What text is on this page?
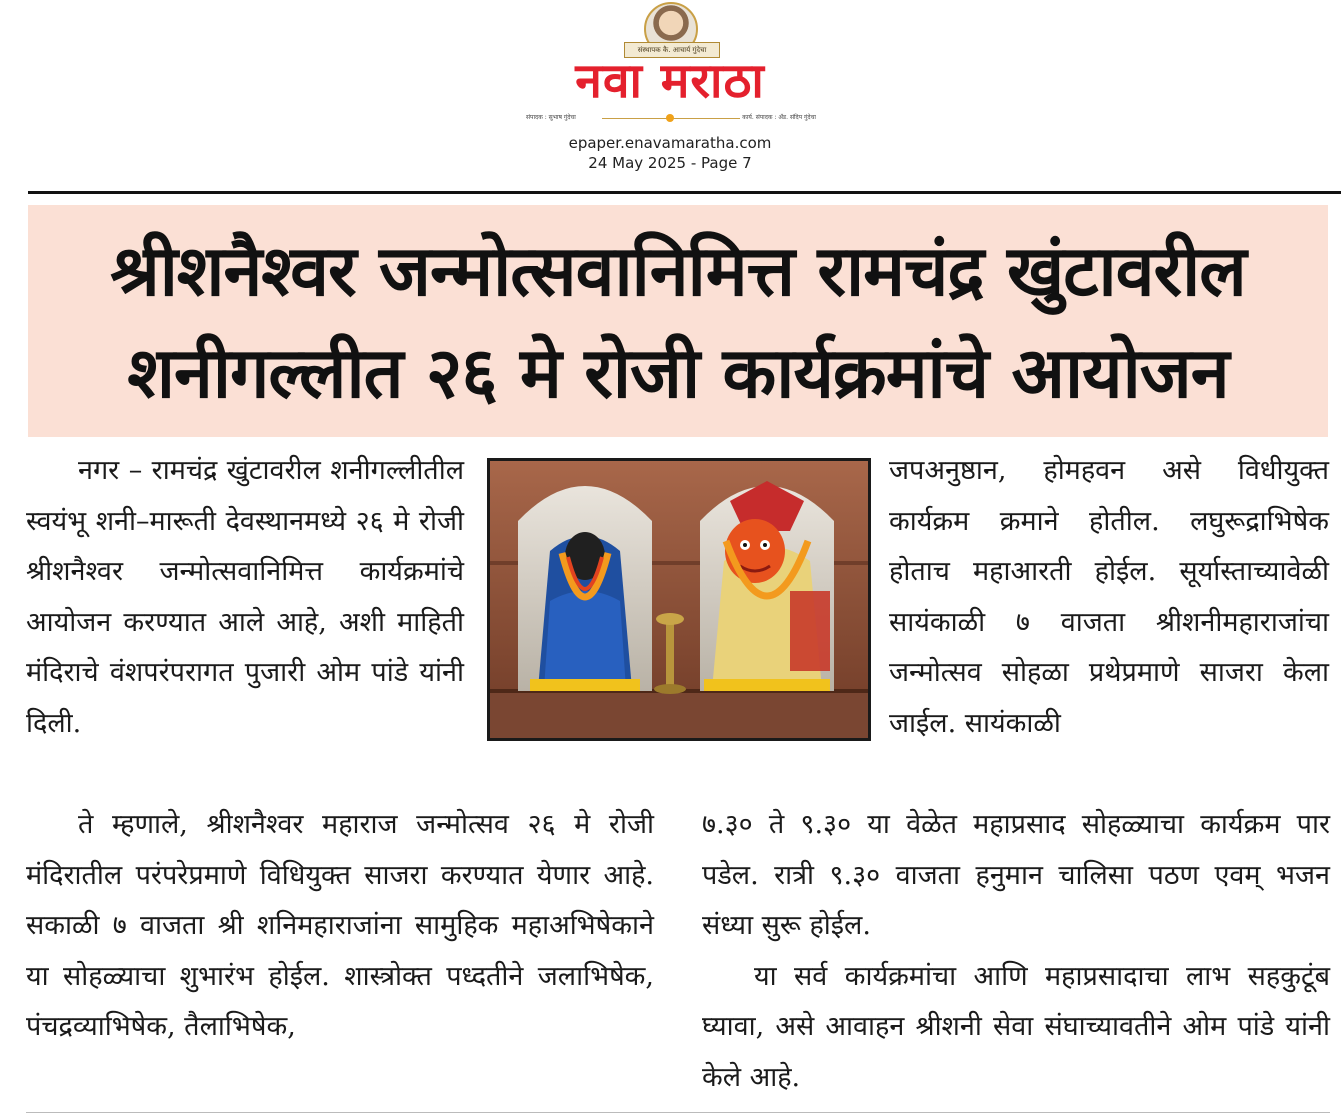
संस्थापक कै. आचार्य गुंदेचा
नवा मराठा
संपादक : सुभाष गुंदेचा	कार्य. संपादक : ॲड. संदिप गुंदेचा
epaper.enavamaratha.com
24 May 2025 - Page 7
श्रीशनैश्वर जन्मोत्सवानिमित्त रामचंद्र खुंटावरील
शनीगल्लीत २६ मे रोजी कार्यक्रमांचे आयोजन
नगर – रामचंद्र खुंटावरील शनीगल्लीतील स्वयंभू शनी–मारूती देवस्थानमध्ये २६ मे रोजी श्रीशनैश्वर जन्मोत्सवानिमित्त कार्यक्रमांचे आयोजन करण्यात आले आहे, अशी माहिती मंदिराचे वंशपरंपरागत पुजारी ओम पांडे यांनी दिली.
जपअनुष्ठान, होमहवन असे विधीयुक्त कार्यक्रम क्रमाने होतील. लघुरूद्राभिषेक होताच महाआरती होईल. सूर्यास्ताच्यावेळी सायंकाळी ७ वाजता श्रीशनीमहाराजांचा जन्मोत्सव सोहळा प्रथेप्रमाणे साजरा केला जाईल. सायंकाळी
ते म्हणाले, श्रीशनैश्वर महाराज जन्मोत्सव २६ मे रोजी मंदिरातील परंपरेप्रमाणे विधियुक्त साजरा करण्यात येणार आहे. सकाळी ७ वाजता श्री शनिमहाराजांना सामुहिक महाअभिषेकाने या सोहळ्याचा शुभारंभ होईल. शास्त्रोक्त पध्दतीने जलाभिषेक, पंचद्रव्याभिषेक, तैलाभिषेक,
७.३० ते ९.३० या वेळेत महाप्रसाद सोहळ्याचा कार्यक्रम पार पडेल. रात्री ९.३० वाजता हनुमान चालिसा पठण एवम् भजन संध्या सुरू होईल.
या सर्व कार्यक्रमांचा आणि महाप्रसादाचा लाभ सहकुटूंब घ्यावा, असे आवाहन श्रीशनी सेवा संघाच्यावतीने ओम पांडे यांनी केले आहे.
